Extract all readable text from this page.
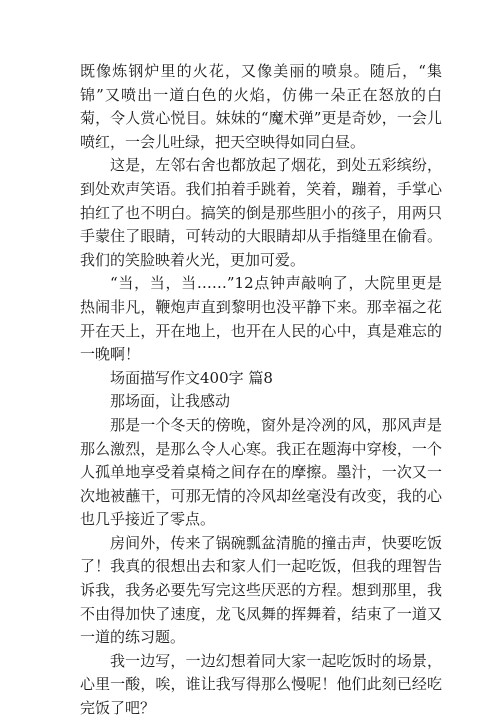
既像炼钢炉里的火花，又像美丽的喷泉。随后，“集锦”又喷出一道白色的火焰，仿佛一朵正在怒放的白菊，令人赏心悦目。妹妹的“魔术弹”更是奇妙，一会儿喷红，一会儿吐绿，把天空映得如同白昼。

这是，左邻右舍也都放起了烟花，到处五彩缤纷，到处欢声笑语。我们拍着手跳着，笑着，蹦着，手掌心拍红了也不明白。搞笑的倒是那些胆小的孩子，用两只手蒙住了眼睛，可转动的大眼睛却从手指缝里在偷看。我们的笑脸映着火光，更加可爱。

“当，当，当……”12点钟声敲响了，大院里更是热闹非凡，鞭炮声直到黎明也没平静下来。那幸福之花开在天上，开在地上，也开在人民的心中，真是难忘的一晚啊！

场面描写作文400字 篇8

那场面，让我感动

那是一个冬天的傍晚，窗外是冷冽的风，那风声是那么激烈，是那么令人心寒。我正在题海中穿梭，一个人孤单地享受着桌椅之间存在的摩擦。墨汁，一次又一次地被蘸干，可那无情的冷风却丝毫没有改变，我的心也几乎接近了零点。

房间外，传来了锅碗瓢盆清脆的撞击声，快要吃饭了！我真的很想出去和家人们一起吃饭，但我的理智告诉我，我务必要先写完这些厌恶的方程。想到那里，我不由得加快了速度，龙飞凤舞的挥舞着，结束了一道又一道的练习题。

我一边写，一边幻想着同大家一起吃饭时的场景，心里一酸，唉，谁让我写得那么慢呢！他们此刻已经吃完饭了吧？
